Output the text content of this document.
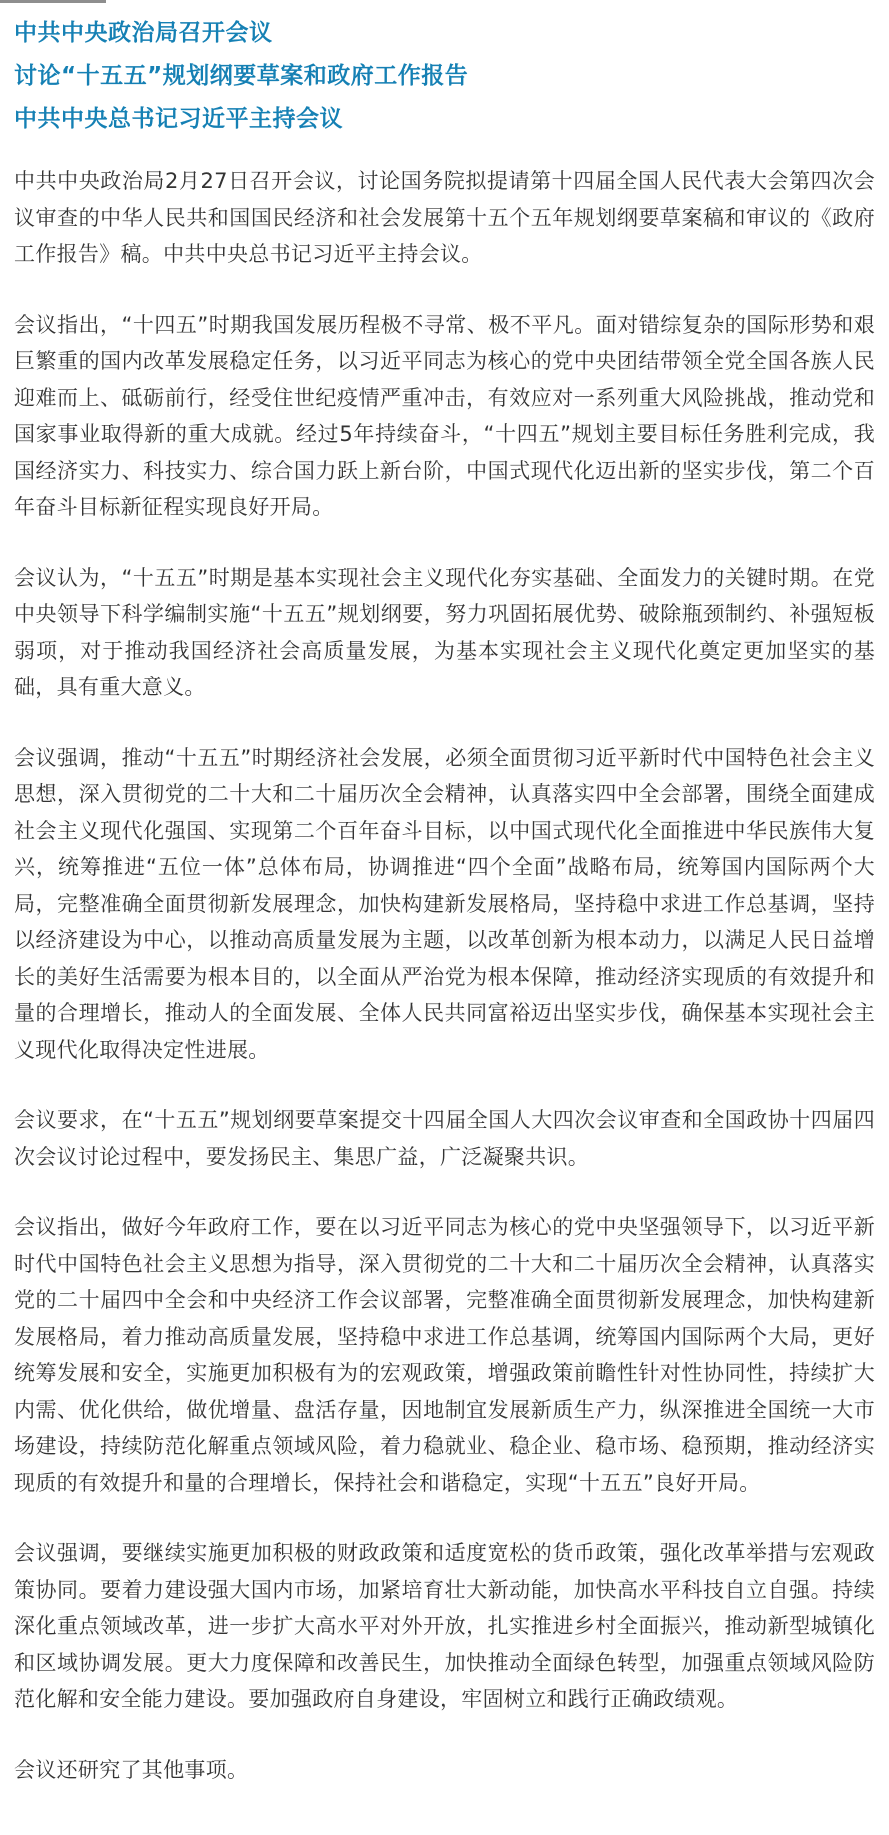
中共中央政治局召开会议
讨论“十五五”规划纲要草案和政府工作报告
中共中央总书记习近平主持会议

中共中央政治局2月27日召开会议，讨论国务院拟提请第十四届全国人民代表大会第四次会议审查的中华人民共和国国民经济和社会发展第十五个五年规划纲要草案稿和审议的《政府工作报告》稿。中共中央总书记习近平主持会议。

会议指出，“十四五”时期我国发展历程极不寻常、极不平凡。面对错综复杂的国际形势和艰巨繁重的国内改革发展稳定任务，以习近平同志为核心的党中央团结带领全党全国各族人民迎难而上、砥砺前行，经受住世纪疫情严重冲击，有效应对一系列重大风险挑战，推动党和国家事业取得新的重大成就。经过5年持续奋斗，“十四五”规划主要目标任务胜利完成，我国经济实力、科技实力、综合国力跃上新台阶，中国式现代化迈出新的坚实步伐，第二个百年奋斗目标新征程实现良好开局。

会议认为，“十五五”时期是基本实现社会主义现代化夯实基础、全面发力的关键时期。在党中央领导下科学编制实施“十五五”规划纲要，努力巩固拓展优势、破除瓶颈制约、补强短板弱项，对于推动我国经济社会高质量发展，为基本实现社会主义现代化奠定更加坚实的基础，具有重大意义。

会议强调，推动“十五五”时期经济社会发展，必须全面贯彻习近平新时代中国特色社会主义思想，深入贯彻党的二十大和二十届历次全会精神，认真落实四中全会部署，围绕全面建成社会主义现代化强国、实现第二个百年奋斗目标，以中国式现代化全面推进中华民族伟大复兴，统筹推进“五位一体”总体布局，协调推进“四个全面”战略布局，统筹国内国际两个大局，完整准确全面贯彻新发展理念，加快构建新发展格局，坚持稳中求进工作总基调，坚持以经济建设为中心，以推动高质量发展为主题，以改革创新为根本动力，以满足人民日益增长的美好生活需要为根本目的，以全面从严治党为根本保障，推动经济实现质的有效提升和量的合理增长，推动人的全面发展、全体人民共同富裕迈出坚实步伐，确保基本实现社会主义现代化取得决定性进展。

会议要求，在“十五五”规划纲要草案提交十四届全国人大四次会议审查和全国政协十四届四次会议讨论过程中，要发扬民主、集思广益，广泛凝聚共识。

会议指出，做好今年政府工作，要在以习近平同志为核心的党中央坚强领导下，以习近平新时代中国特色社会主义思想为指导，深入贯彻党的二十大和二十届历次全会精神，认真落实党的二十届四中全会和中央经济工作会议部署，完整准确全面贯彻新发展理念，加快构建新发展格局，着力推动高质量发展，坚持稳中求进工作总基调，统筹国内国际两个大局，更好统筹发展和安全，实施更加积极有为的宏观政策，增强政策前瞻性针对性协同性，持续扩大内需、优化供给，做优增量、盘活存量，因地制宜发展新质生产力，纵深推进全国统一大市场建设，持续防范化解重点领域风险，着力稳就业、稳企业、稳市场、稳预期，推动经济实现质的有效提升和量的合理增长，保持社会和谐稳定，实现“十五五”良好开局。

会议强调，要继续实施更加积极的财政政策和适度宽松的货币政策，强化改革举措与宏观政策协同。要着力建设强大国内市场，加紧培育壮大新动能，加快高水平科技自立自强。持续深化重点领域改革，进一步扩大高水平对外开放，扎实推进乡村全面振兴，推动新型城镇化和区域协调发展。更大力度保障和改善民生，加快推动全面绿色转型，加强重点领域风险防范化解和安全能力建设。要加强政府自身建设，牢固树立和践行正确政绩观。

会议还研究了其他事项。
